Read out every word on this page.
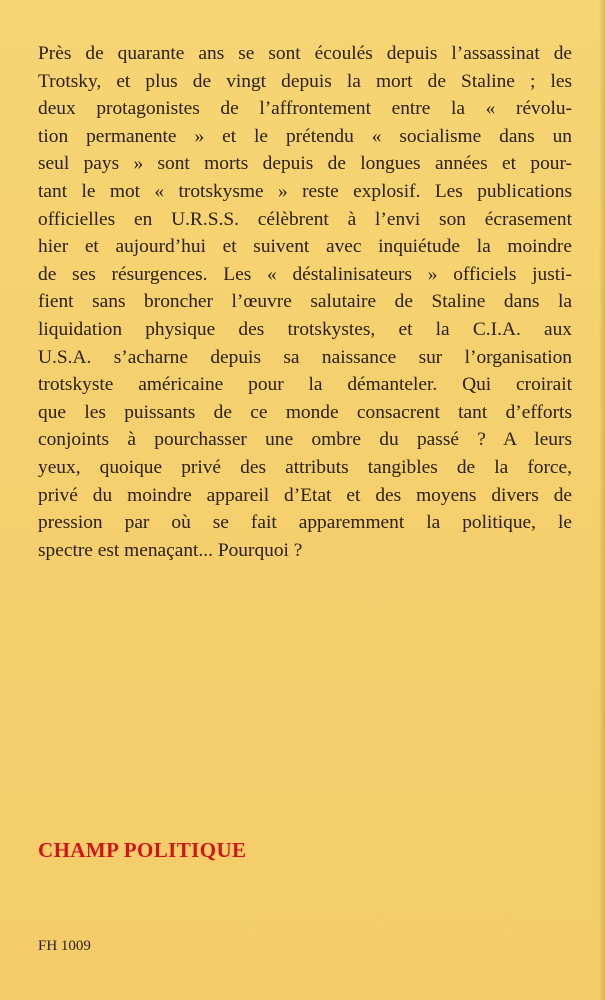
Près de quarante ans se sont écoulés depuis l’assassinat de
Trotsky, et plus de vingt depuis la mort de Staline ; les
deux protagonistes de l’affrontement entre la « révolu-
tion permanente » et le prétendu « socialisme dans un
seul pays » sont morts depuis de longues années et pour-
tant le mot « trotskysme » reste explosif. Les publications
officielles en U.R.S.S. célèbrent à l’envi son écrasement
hier et aujourd’hui et suivent avec inquiétude la moindre
de ses résurgences. Les « déstalinisateurs » officiels justi-
fient sans broncher l’œuvre salutaire de Staline dans la
liquidation physique des trotskystes, et la C.I.A. aux
U.S.A. s’acharne depuis sa naissance sur l’organisation
trotskyste américaine pour la démanteler. Qui croirait
que les puissants de ce monde consacrent tant d’efforts
conjoints à pourchasser une ombre du passé ? A leurs
yeux, quoique privé des attributs tangibles de la force,
privé du moindre appareil d’Etat et des moyens divers de
pression par où se fait apparemment la politique, le
spectre est menaçant... Pourquoi ?

CHAMP POLITIQUE

FH 1009
